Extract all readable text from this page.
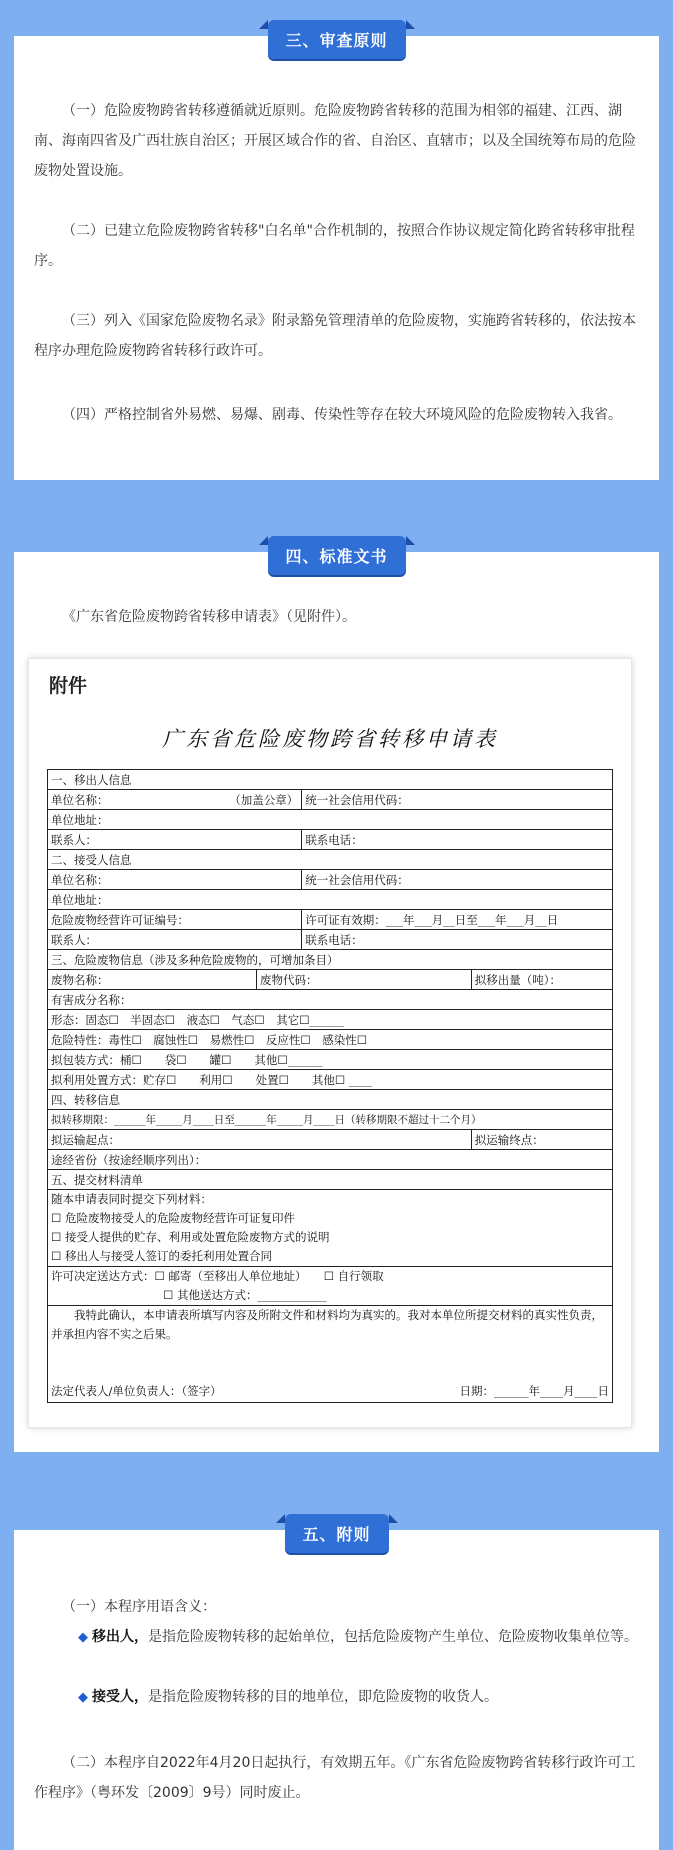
三、审查原则
（一）危险废物跨省转移遵循就近原则。危险废物跨省转移的范围为相邻的福建、江西、湖南、海南四省及广西壮族自治区；开展区域合作的省、自治区、直辖市；以及全国统筹布局的危险废物处置设施。
（二）已建立危险废物跨省转移"白名单"合作机制的，按照合作协议规定简化跨省转移审批程序。
（三）列入《国家危险废物名录》附录豁免管理清单的危险废物，实施跨省转移的，依法按本程序办理危险废物跨省转移行政许可。
（四）严格控制省外易燃、易爆、剧毒、传染性等存在较大环境风险的危险废物转入我省。
四、标准文书
《广东省危险废物跨省转移申请表》（见附件）。
附件
广东省危险废物跨省转移申请表
一、移出人信息			
单位名称： （加盖公章）		统一社会信用代码：	
单位地址：			
联系人：		联系电话：	
二、接受人信息			
单位名称：		统一社会信用代码：	
单位地址：			
危险废物经营许可证编号：		许可证有效期：___年___月__日至___年___月__日	
联系人：		联系电话：	
三、危险废物信息（涉及多种危险废物的，可增加条目）			
废物名称：	废物代码：		拟移出量（吨）：
有害成分名称：			
形态：固态☐　半固态☐　液态☐　气态☐　其它☐______			
危险特性：毒性☐　腐蚀性☐　易燃性☐　反应性☐　感染性☐			
拟包装方式：桶☐　　袋☐　　罐☐　　其他☐______			
拟利用处置方式：贮存☐　　利用☐　　处置☐　　其他☐ ____			
四、转移信息			
拟转移期限：______年_____月____日至______年_____月____日（转移期限不超过十二个月）			
拟运输起点：			拟运输终点：
途经省份（按途经顺序列出）：			
五、提交材料清单			

随本申请表同时提交下列材料：
☐ 危险废物接受人的危险废物经营许可证复印件
☐ 接受人提供的贮存、利用或处置危险废物方式的说明
☐ 移出人与接受人签订的委托利用处置合同			

许可决定送达方式：☐ 邮寄（至移出人单位地址）　　☐ 自行领取
☐ 其他送达方式：____________			

我特此确认，本申请表所填写内容及所附文件和材料均为真实的。我对本单位所提交材料的真实性负责，并承担内容不实之后果。
法定代表人/单位负责人：（签字） 日期：______年____月____日			
五、附则
（一）本程序用语含义：
◆ 移出人，是指危险废物转移的起始单位，包括危险废物产生单位、危险废物收集单位等。
◆ 接受人，是指危险废物转移的目的地单位，即危险废物的收货人。
（二）本程序自2022年4月20日起执行，有效期五年。《广东省危险废物跨省转移行政许可工作程序》（粤环发〔2009〕9号）同时废止。
